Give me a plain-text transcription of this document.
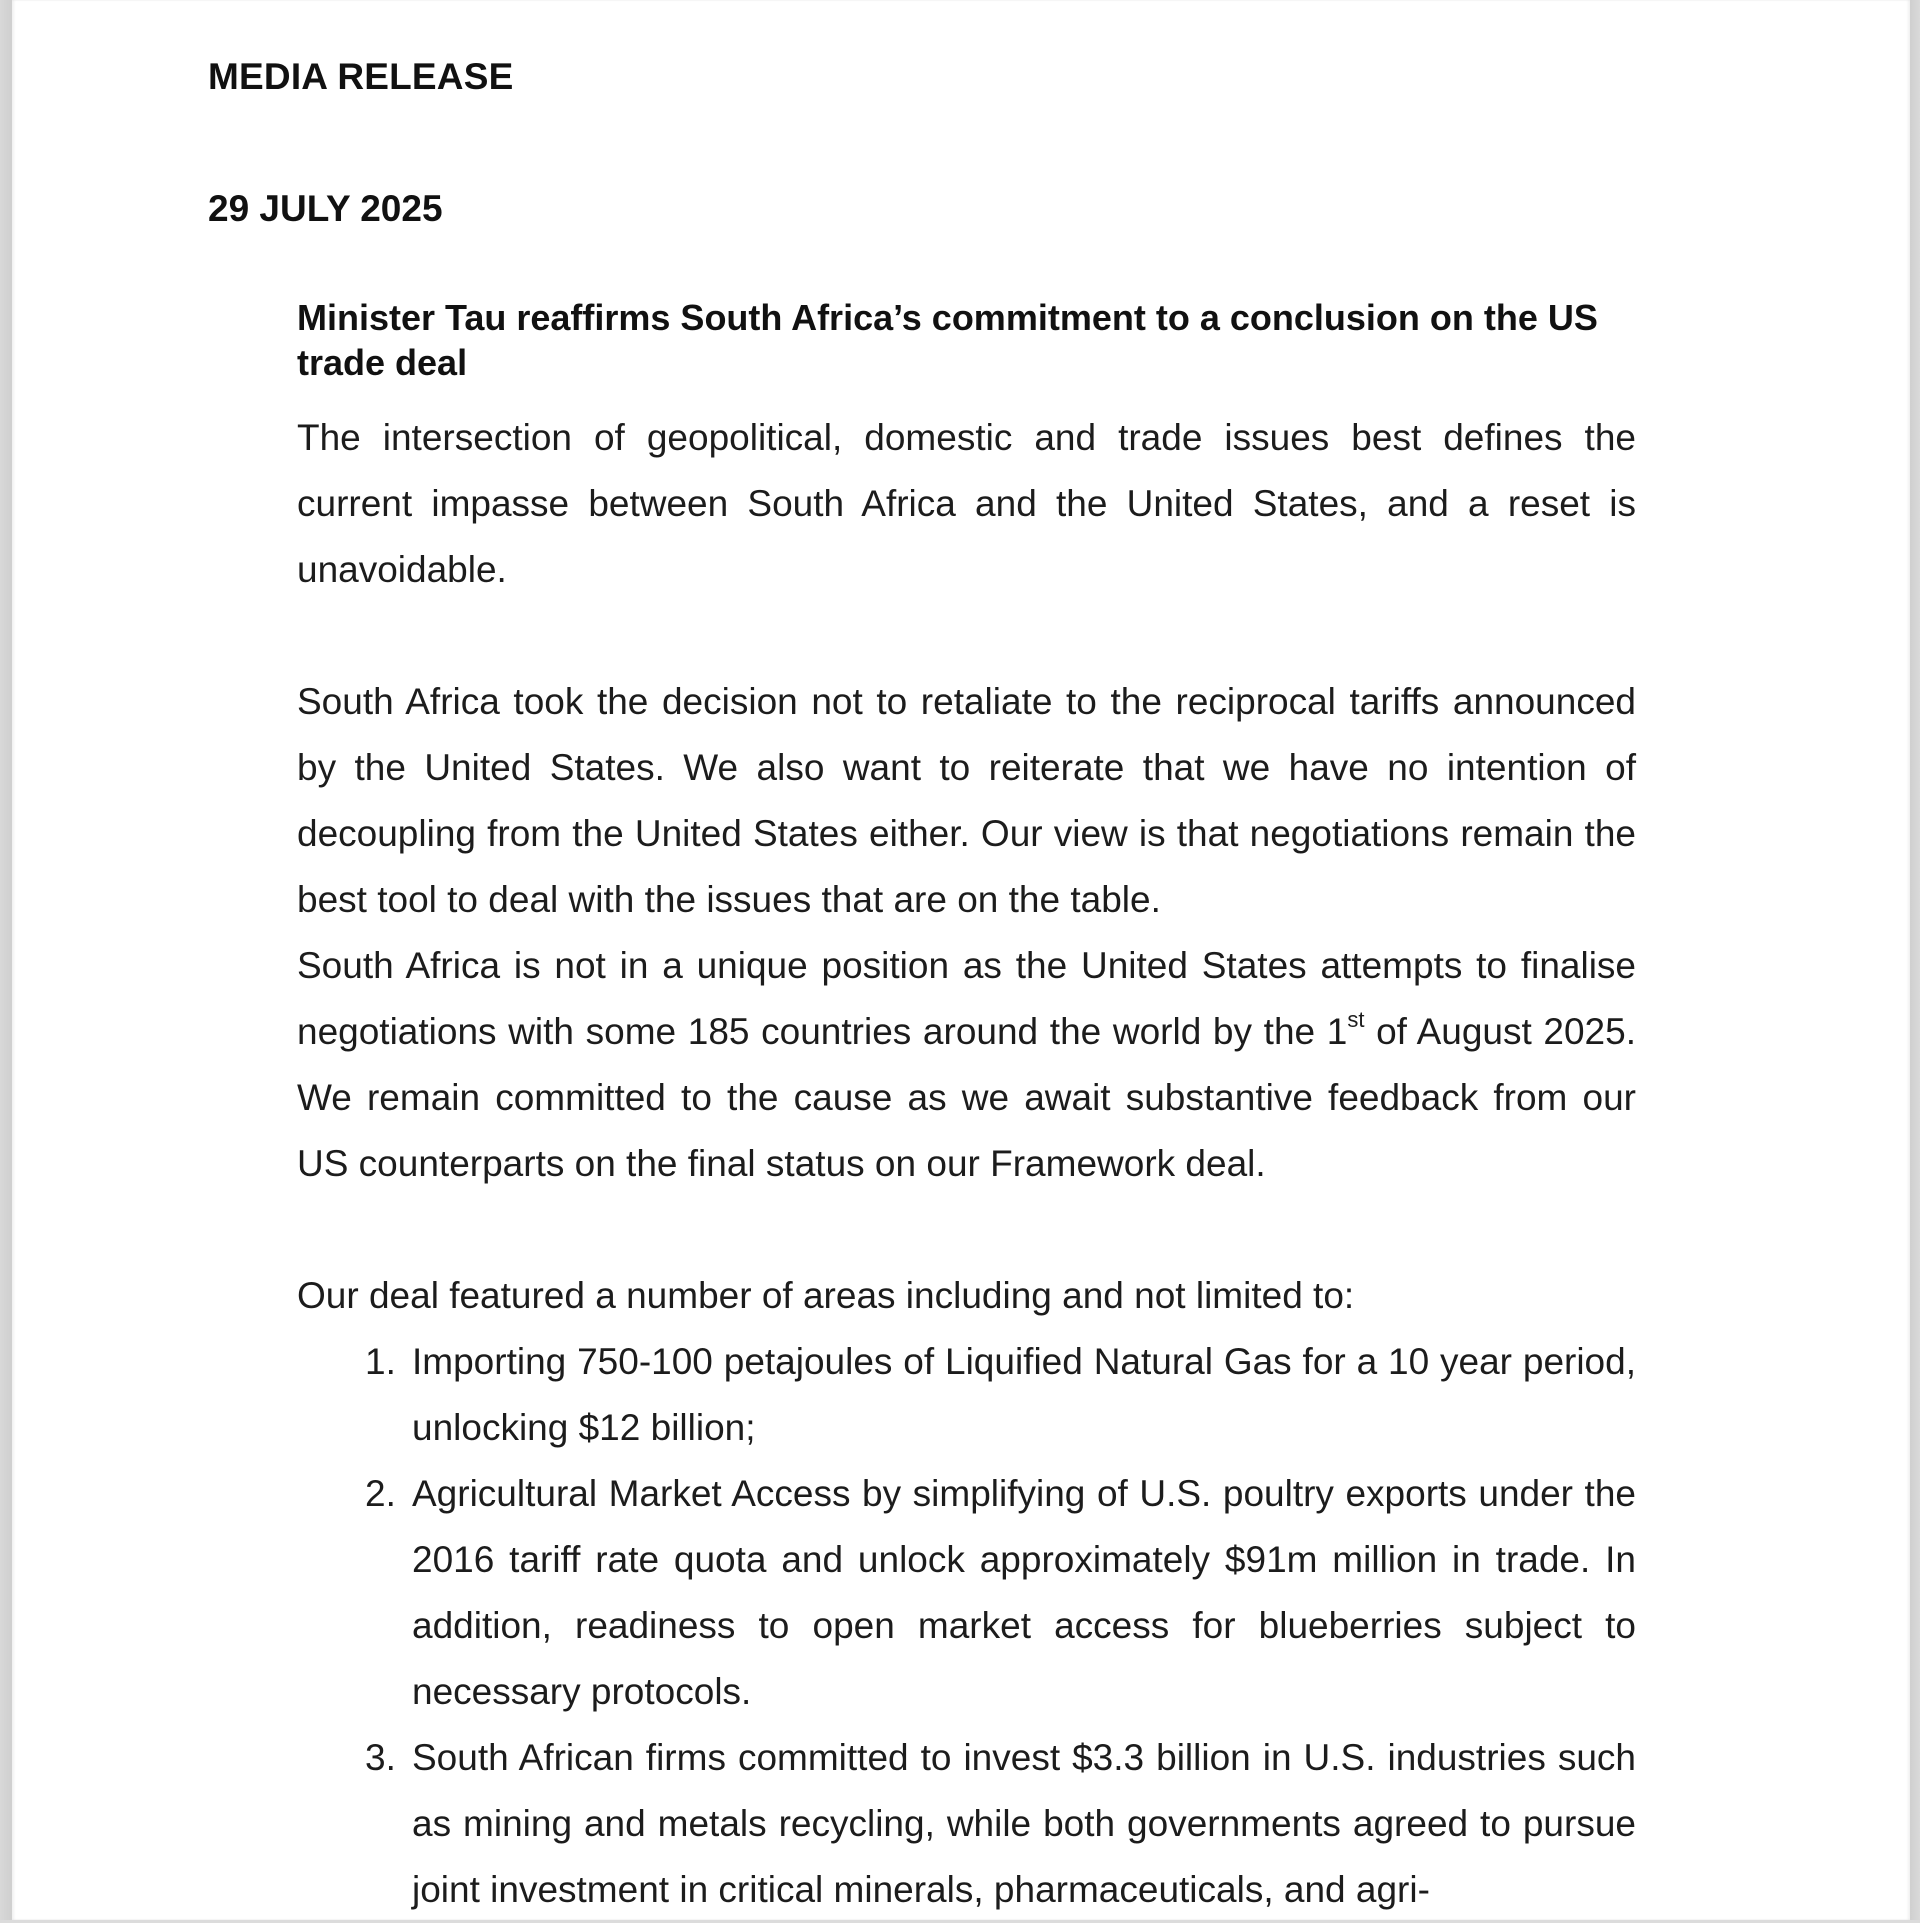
MEDIA RELEASE
29 JULY 2025
Minister Tau reaffirms South Africa’s commitment to a conclusion on the US trade deal

The intersection of geopolitical, domestic and trade issues best defines the current impasse between South Africa and the United States, and a reset is unavoidable.

South Africa took the decision not to retaliate to the reciprocal tariffs announced by the United States. We also want to reiterate that we have no intention of decoupling from the United States either. Our view is that negotiations remain the best tool to deal with the issues that are on the table.

South Africa is not in a unique position as the United States attempts to finalise negotiations with some 185 countries around the world by the 1st of August 2025. We remain committed to the cause as we await substantive feedback from our US counterparts on the final status on our Framework deal.

Our deal featured a number of areas including and not limited to:

1. Importing 750-100 petajoules of Liquified Natural Gas for a 10 year period, unlocking $12 billion;
2. Agricultural Market Access by simplifying of U.S. poultry exports under the 2016 tariff rate quota and unlock approximately $91m million in trade. In addition, readiness to open market access for blueberries subject to necessary protocols.
3. South African firms committed to invest $3.3 billion in U.S. industries such as mining and metals recycling, while both governments agreed to pursue joint investment in critical minerals, pharmaceuticals, and agri-
